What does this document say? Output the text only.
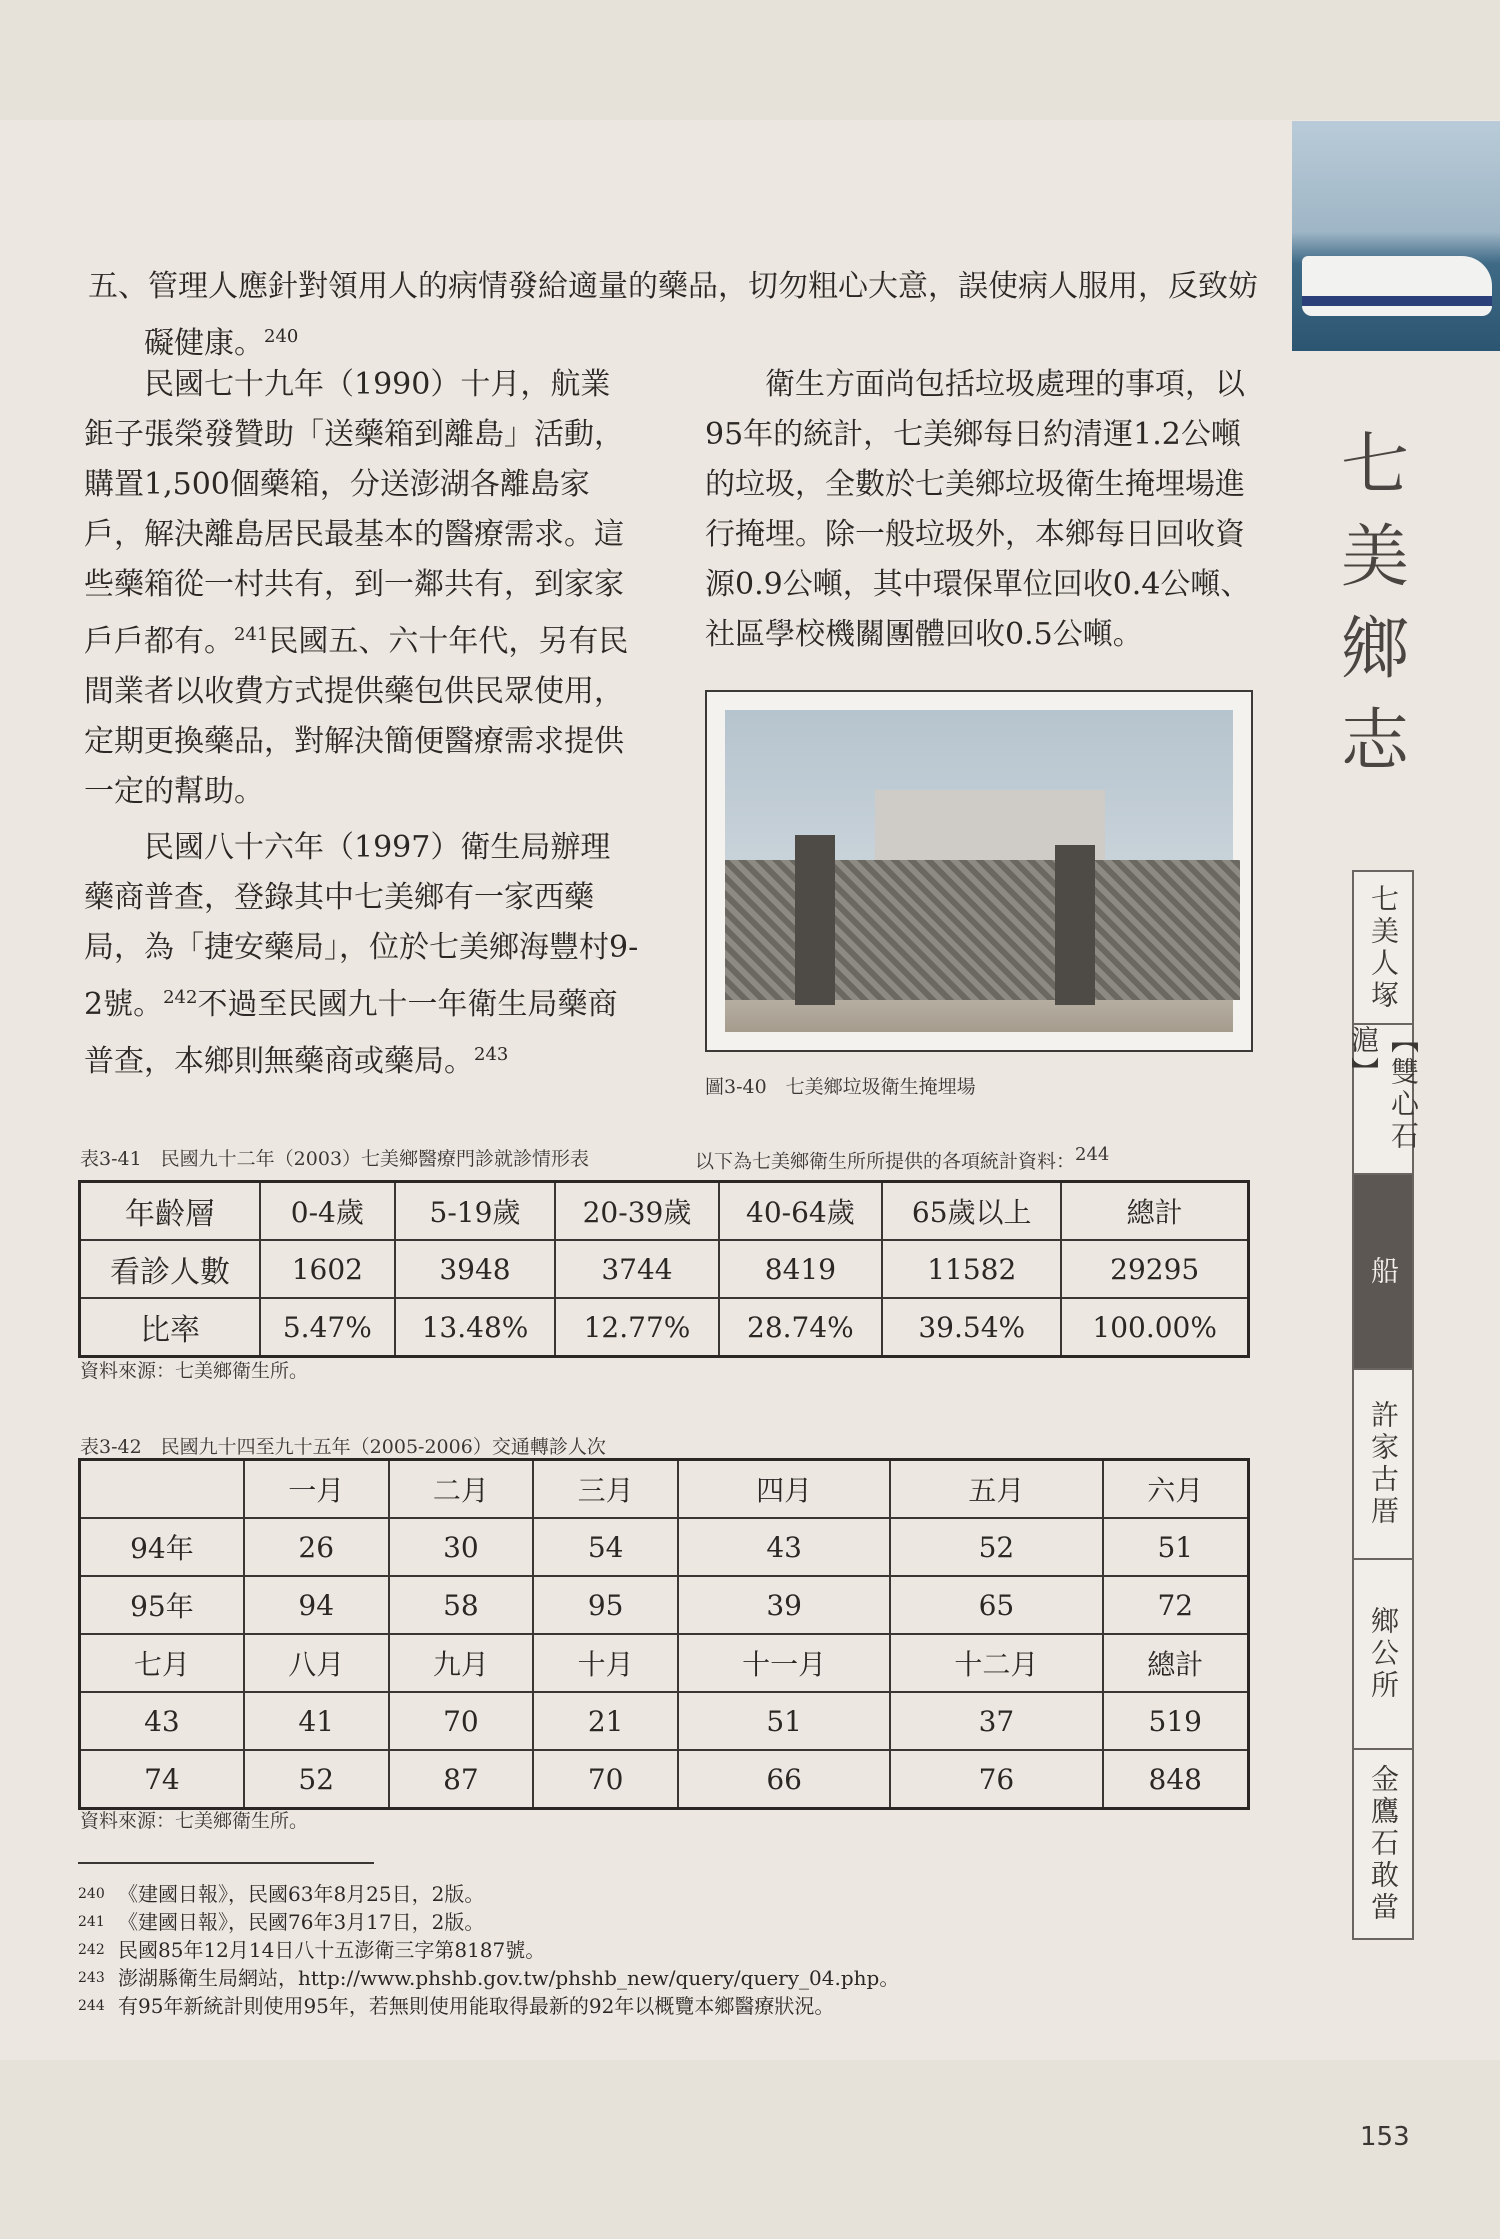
七美鄉志
七美人塚
【雙心石滬】
船
許家古厝
鄉公所
金鷹石敢當
五、管理人應針對領用人的病情發給適量的藥品，切勿粗心大意，誤使病人服用，反致妨
礙健康。$^{240}$

民國七十九年（1990）十月，航業鉅子張榮發贊助「送藥箱到離島」活動，購置1,500個藥箱，分送澎湖各離島家戶，解決離島居民最基本的醫療需求。這些藥箱從一村共有，到一鄰共有，到家家戶戶都有。$^{241}$民國五、六十年代，另有民間業者以收費方式提供藥包供民眾使用，定期更換藥品，對解決簡便醫療需求提供一定的幫助。

民國八十六年（1997）衛生局辦理藥商普查，登錄其中七美鄉有一家西藥局，為「捷安藥局」，位於七美鄉海豐村9-2號。$^{242}$不過至民國九十一年衛生局藥商普查，本鄉則無藥商或藥局。$^{243}$

衛生方面尚包括垃圾處理的事項，以95年的統計，七美鄉每日約清運1.2公噸的垃圾，全數於七美鄉垃圾衛生掩埋場進行掩埋。除一般垃圾外，本鄉每日回收資源0.9公噸，其中環保單位回收0.4公噸、社區學校機關團體回收0.5公噸。

圖3-40　七美鄉垃圾衛生掩埋場
表3-41　民國九十二年（2003）七美鄉醫療門診就診情形表	以下為七美鄉衛生所所提供的各項統計資料：$^{244}$
年齡層	0-4歲	5-19歲	20-39歲	40-64歲	65歲以上	總計
看診人數	1602	3948	3744	8419	11582	29295
比率	5.47%	13.48%	12.77%	28.74%	39.54%	100.00%
資料來源：七美鄉衛生所。
表3-42　民國九十四至九十五年（2005-2006）交通轉診人次
	一月	二月	三月	四月	五月	六月
94年	26	30	54	43	52	51
95年	94	58	95	39	65	72
七月	八月	九月	十月	十一月	十二月	總計
43	41	70	21	51	37	519
74	52	87	70	66	76	848
資料來源：七美鄉衛生所。
240 《建國日報》，民國63年8月25日，2版。
241 《建國日報》，民國76年3月17日，2版。
242 民國85年12月14日八十五澎衛三字第8187號。
243 澎湖縣衛生局網站，http://www.phshb.gov.tw/phshb_new/query/query_04.php。
244 有95年新統計則使用95年，若無則使用能取得最新的92年以概覽本鄉醫療狀況。
153
